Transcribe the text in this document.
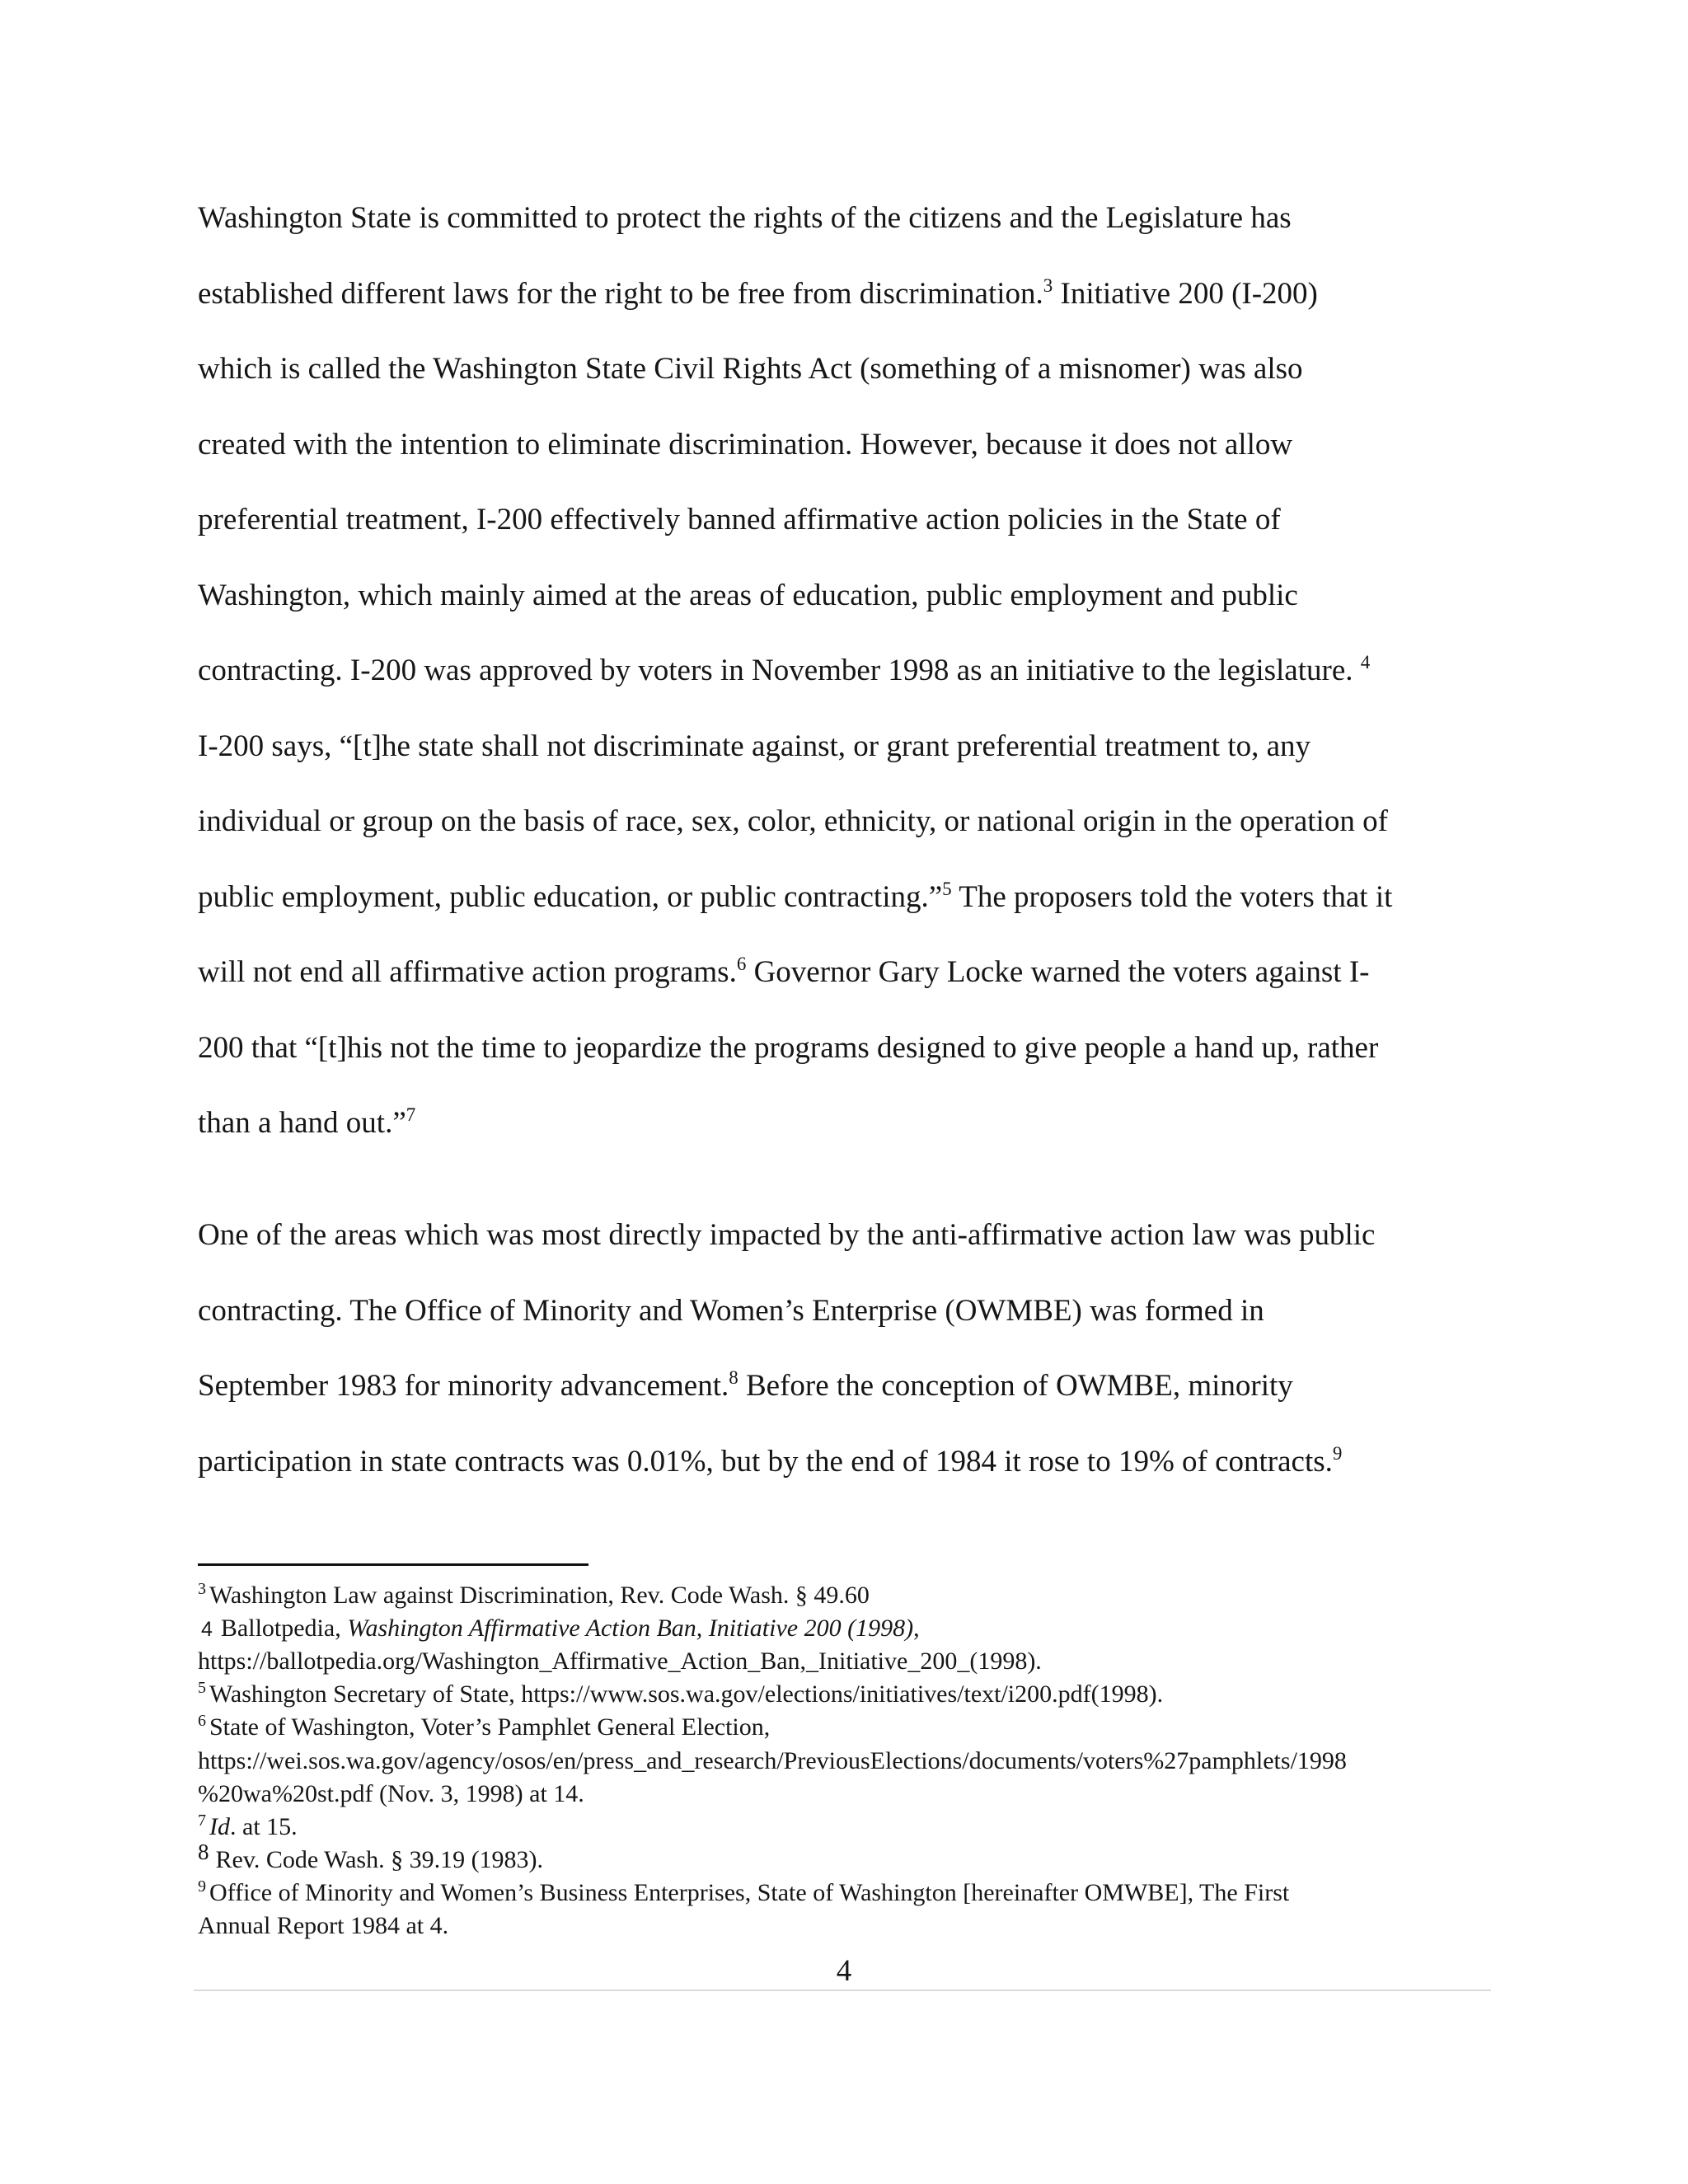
Washington State is committed to protect the rights of the citizens and the Legislature has
established different laws for the right to be free from discrimination.$^3$ Initiative 200 (I-200)
which is called the Washington State Civil Rights Act (something of a misnomer) was also
created with the intention to eliminate discrimination. However, because it does not allow
preferential treatment, I-200 effectively banned affirmative action policies in the State of
Washington, which mainly aimed at the areas of education, public employment and public
contracting. I-200 was approved by voters in November 1998 as an initiative to the legislature. $^4$
I-200 says, “[t]he state shall not discriminate against, or grant preferential treatment to, any
individual or group on the basis of race, sex, color, ethnicity, or national origin in the operation of
public employment, public education, or public contracting.”$^5$ The proposers told the voters that it
will not end all affirmative action programs.$^6$ Governor Gary Locke warned the voters against I-
200 that “[t]his not the time to jeopardize the programs designed to give people a hand up, rather
than a hand out.”$^7$

One of the areas which was most directly impacted by the anti-affirmative action law was public
contracting. The Office of Minority and Women’s Enterprise (OWMBE) was formed in
September 1983 for minority advancement.$^8$ Before the conception of OWMBE, minority
participation in state contracts was 0.01%, but by the end of 1984 it rose to 19% of contracts.$^9$

$^3$ Washington Law against Discrimination, Rev. Code Wash. § 49.60
4 Ballotpedia, Washington Affirmative Action Ban, Initiative 200 (1998),
https://ballotpedia.org/Washington_Affirmative_Action_Ban,_Initiative_200_(1998).
$^5$ Washington Secretary of State, https://www.sos.wa.gov/elections/initiatives/text/i200.pdf(1998).
$^6$ State of Washington, Voter’s Pamphlet General Election,
https://wei.sos.wa.gov/agency/osos/en/press_and_research/PreviousElections/documents/voters%27pamphlets/1998
%20wa%20st.pdf (Nov. 3, 1998) at 14.
$^7$ Id. at 15.
8 Rev. Code Wash. § 39.19 (1983).
$^9$ Office of Minority and Women’s Business Enterprises, State of Washington [hereinafter OMWBE], The First
Annual Report 1984 at 4.
4
